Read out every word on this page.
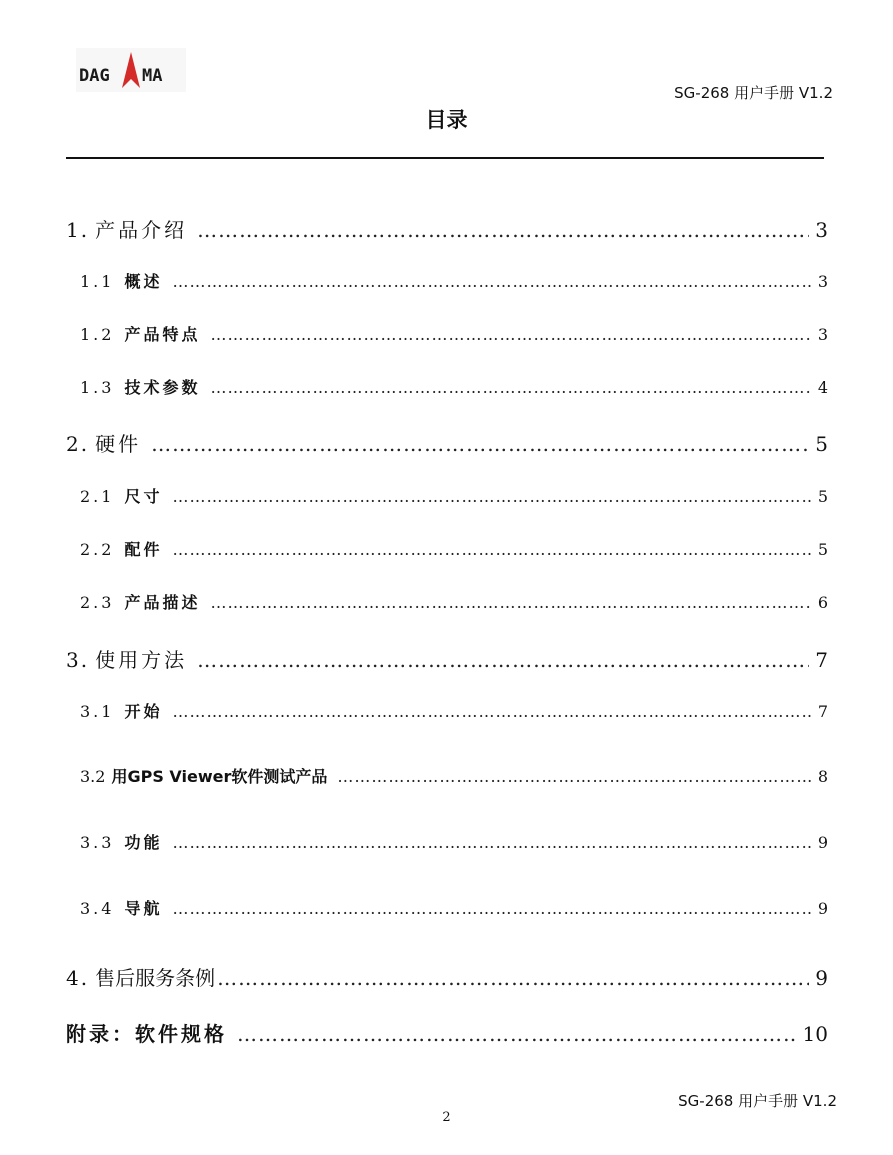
DAG MA
SG-268 用户手册 V1.2
目录
1. 产品介绍 ……………………………………………………………………………………………………………………………………………………………………………………………………………	3
1.1 概述 ……………………………………………………………………………………………………………………………………………………………………………………………………………	3
1.2 产品特点 ……………………………………………………………………………………………………………………………………………………………………………………………………………	3
1.3 技术参数 ……………………………………………………………………………………………………………………………………………………………………………………………………………	4
2. 硬件 ……………………………………………………………………………………………………………………………………………………………………………………………………………	5
2.1 尺寸 ……………………………………………………………………………………………………………………………………………………………………………………………………………	5
2.2 配件 ……………………………………………………………………………………………………………………………………………………………………………………………………………	5
2.3 产品描述 ……………………………………………………………………………………………………………………………………………………………………………………………………………	6
3. 使用方法 ……………………………………………………………………………………………………………………………………………………………………………………………………………	7
3.1 开始 ……………………………………………………………………………………………………………………………………………………………………………………………………………	7
3.2 用GPS Viewer软件测试产品 ……………………………………………………………………………………………………………………………………………………………………………………………………………	8
3.3 功能 ……………………………………………………………………………………………………………………………………………………………………………………………………………	9
3.4 导航 ……………………………………………………………………………………………………………………………………………………………………………………………………………	9
4. 售后服务条例 ……………………………………………………………………………………………………………………………………………………………………………………………………………	9
附录：软件规格 ……………………………………………………………………………………………………………………………………………………………………………………………………………	10
SG-268 用户手册 V1.2
2
